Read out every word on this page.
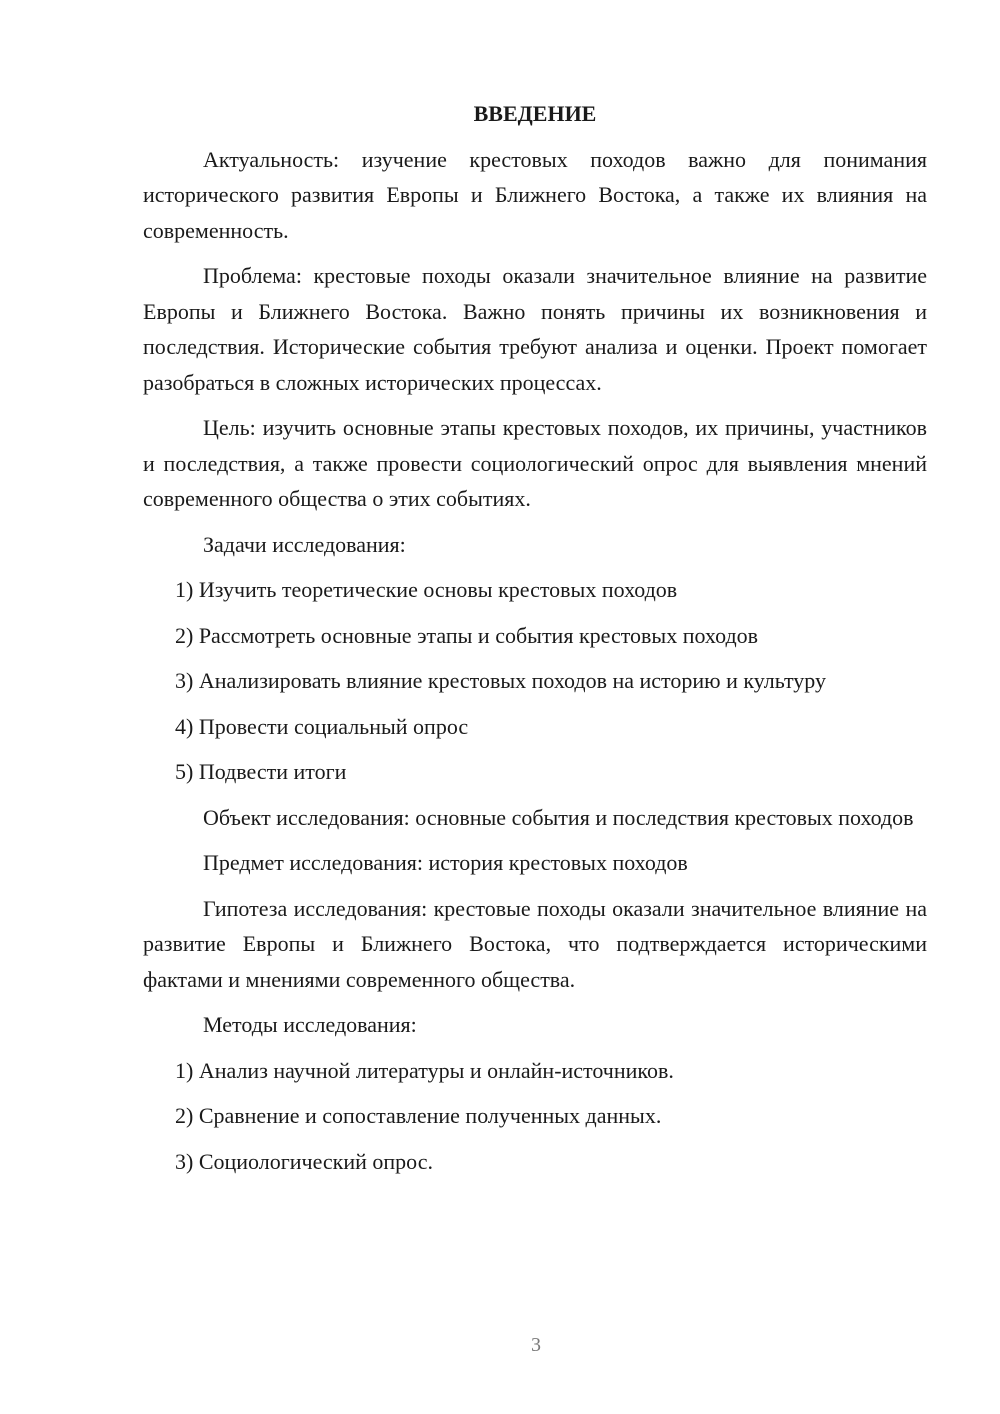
ВВЕДЕНИЕ

Актуальность: изучение крестовых походов важно для понимания исторического развития Европы и Ближнего Востока, а также их влияния на современность.

Проблема: крестовые походы оказали значительное влияние на развитие Европы и Ближнего Востока. Важно понять причины их возникновения и последствия. Исторические события требуют анализа и оценки. Проект помогает разобраться в сложных исторических процессах.

Цель: изучить основные этапы крестовых походов, их причины, участников и последствия, а также провести социологический опрос для выявления мнений современного общества о этих событиях.

Задачи исследования:

1) Изучить теоретические основы крестовых походов

2) Рассмотреть основные этапы и события крестовых походов

3) Анализировать влияние крестовых походов на историю и культуру

4) Провести социальный опрос

5) Подвести итоги

Объект исследования: основные события и последствия крестовых походов

Предмет исследования: история крестовых походов

Гипотеза исследования: крестовые походы оказали значительное влияние на развитие Европы и Ближнего Востока, что подтверждается историческими фактами и мнениями современного общества.

Методы исследования:

1) Анализ научной литературы и онлайн-источников.

2) Сравнение и сопоставление полученных данных.

3) Социологический опрос.

3
